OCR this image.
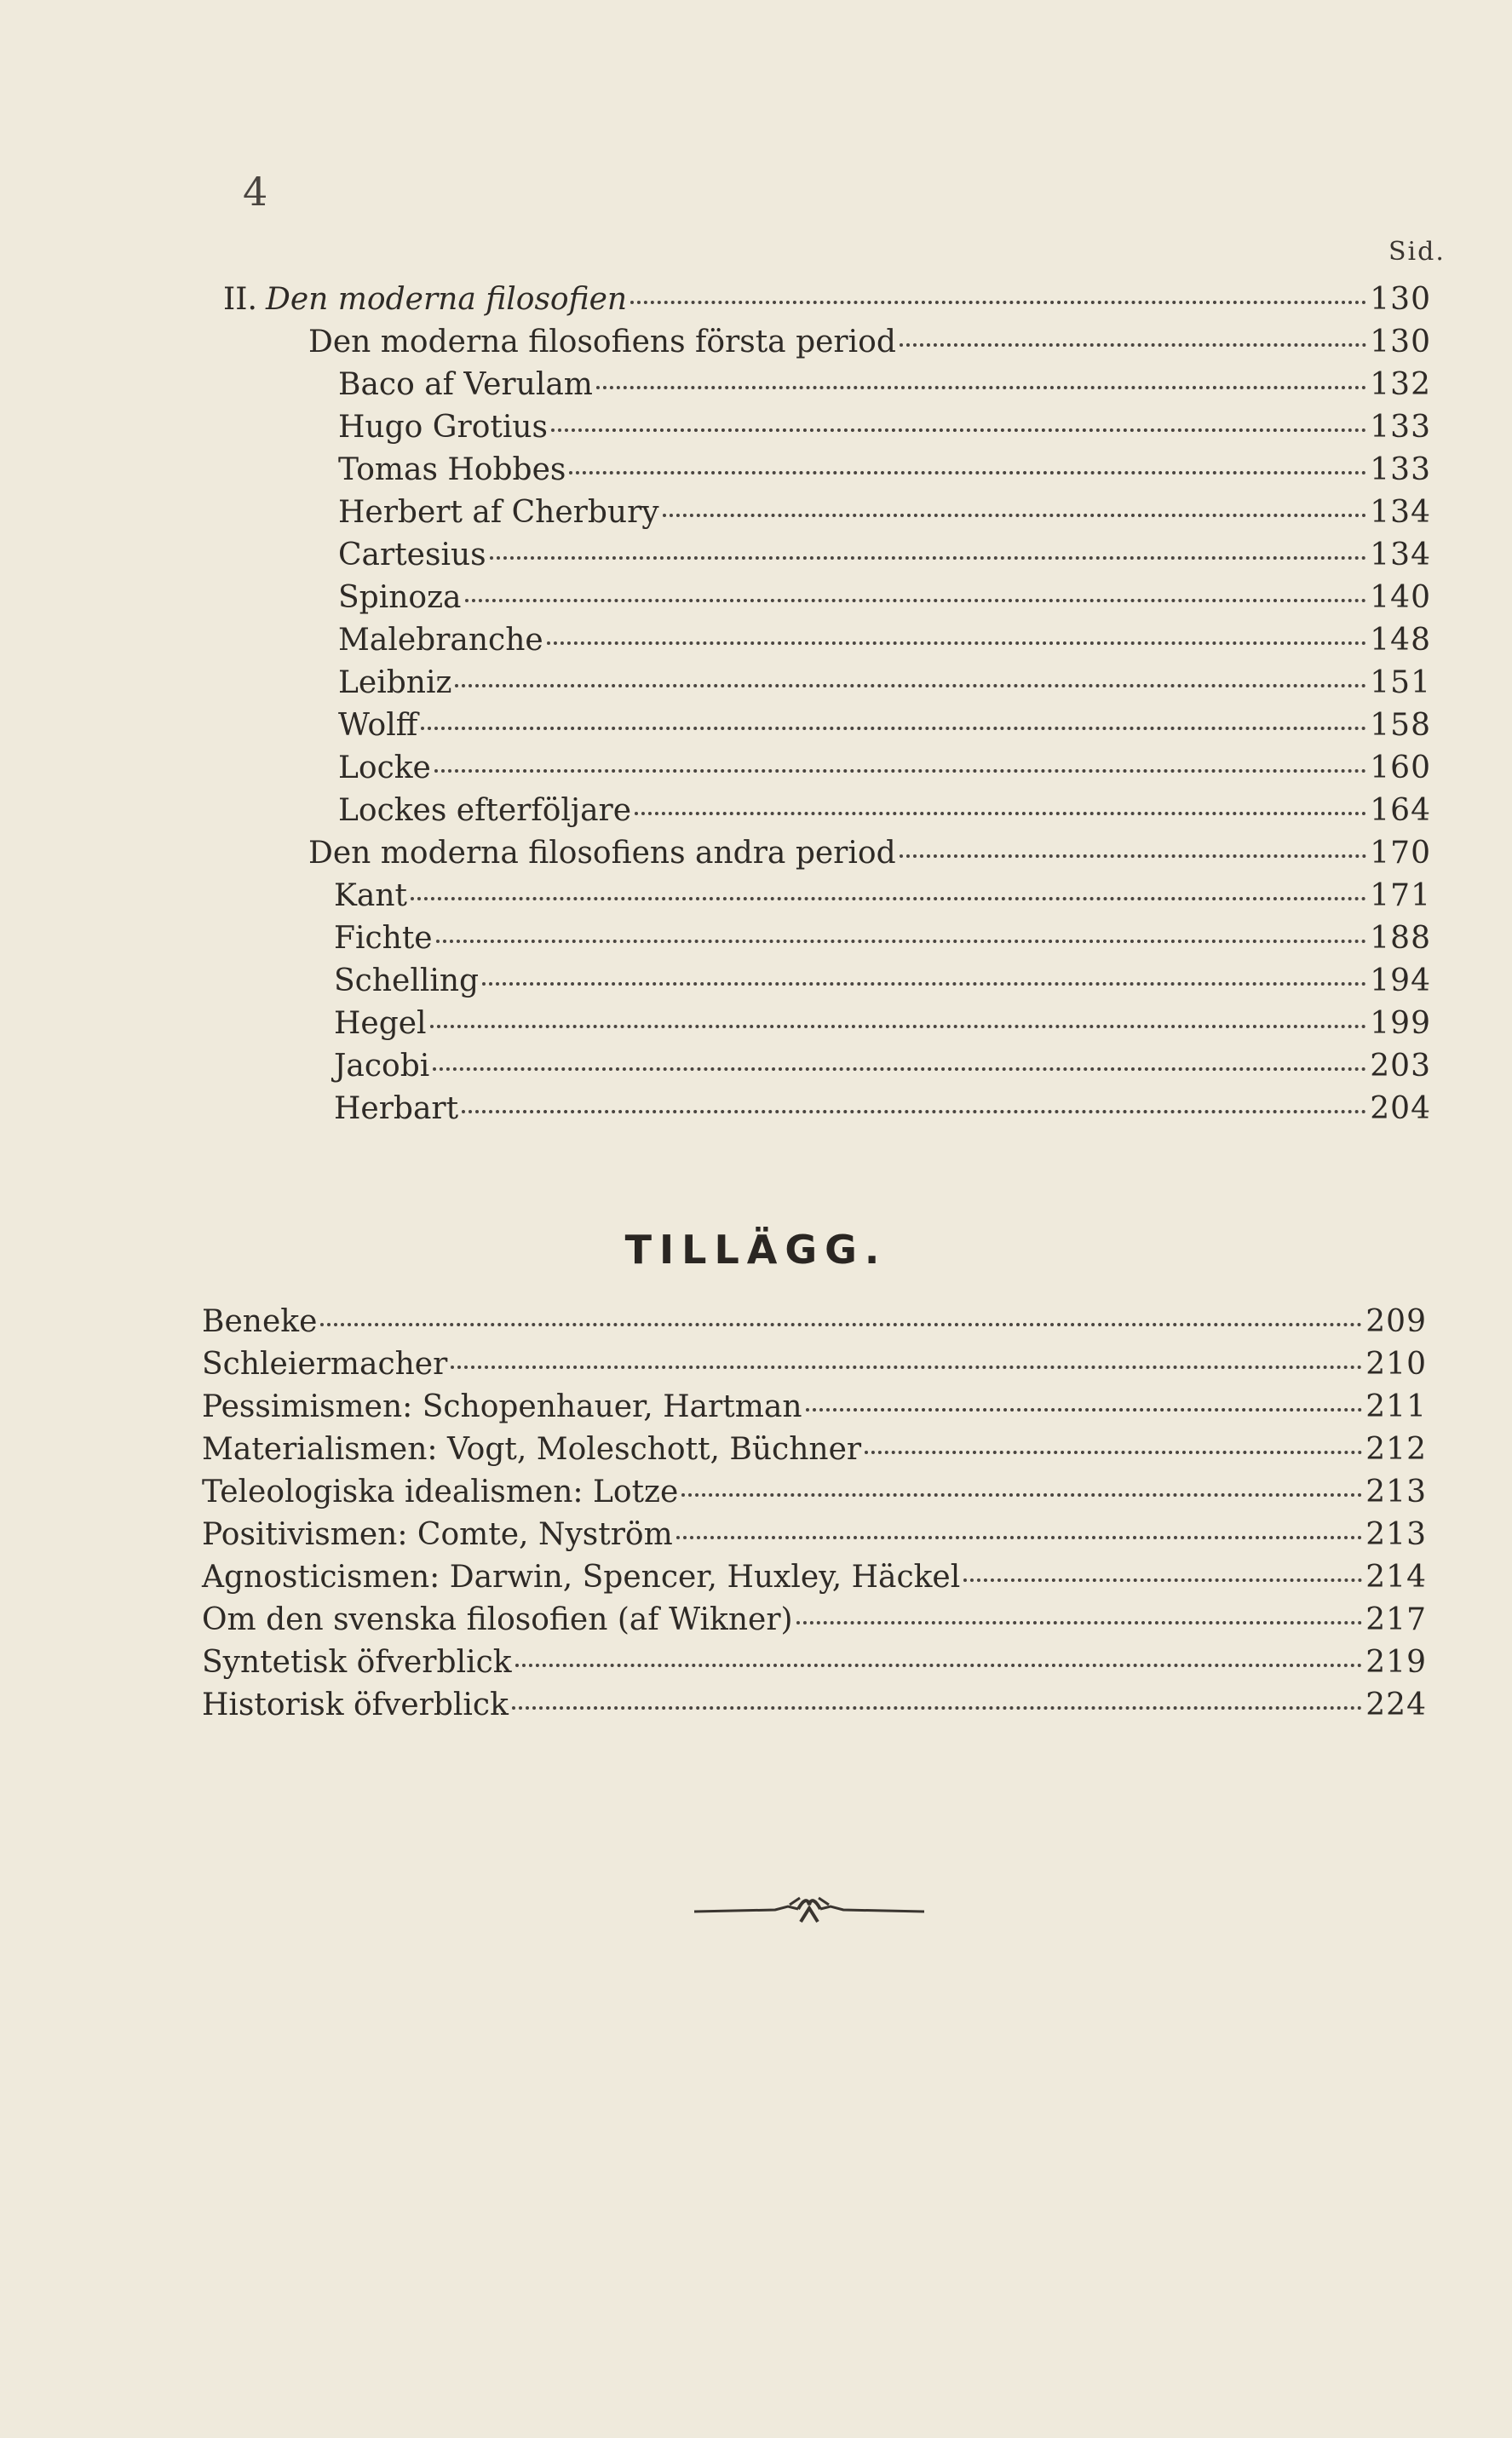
4
Sid.
II. Den moderna filosofien	130
Den moderna filosofiens första period	130
Baco af Verulam	132
Hugo Grotius	133
Tomas Hobbes	133
Herbert af Cherbury	134
Cartesius	134
Spinoza	140
Malebranche	148
Leibniz	151
Wolff	158
Locke	160
Lockes efterföljare	164
Den moderna filosofiens andra period	170
Kant	171
Fichte	188
Schelling	194
Hegel	199
Jacobi	203
Herbart	204
TILLÄGG.
Beneke	209
Schleiermacher	210
Pessimismen: Schopenhauer, Hartman	211
Materialismen: Vogt, Moleschott, Büchner	212
Teleologiska idealismen: Lotze	213
Positivismen: Comte, Nyström	213
Agnosticismen: Darwin, Spencer, Huxley, Häckel	214
Om den svenska filosofien (af Wikner)	217
Syntetisk öfverblick	219
Historisk öfverblick	224
